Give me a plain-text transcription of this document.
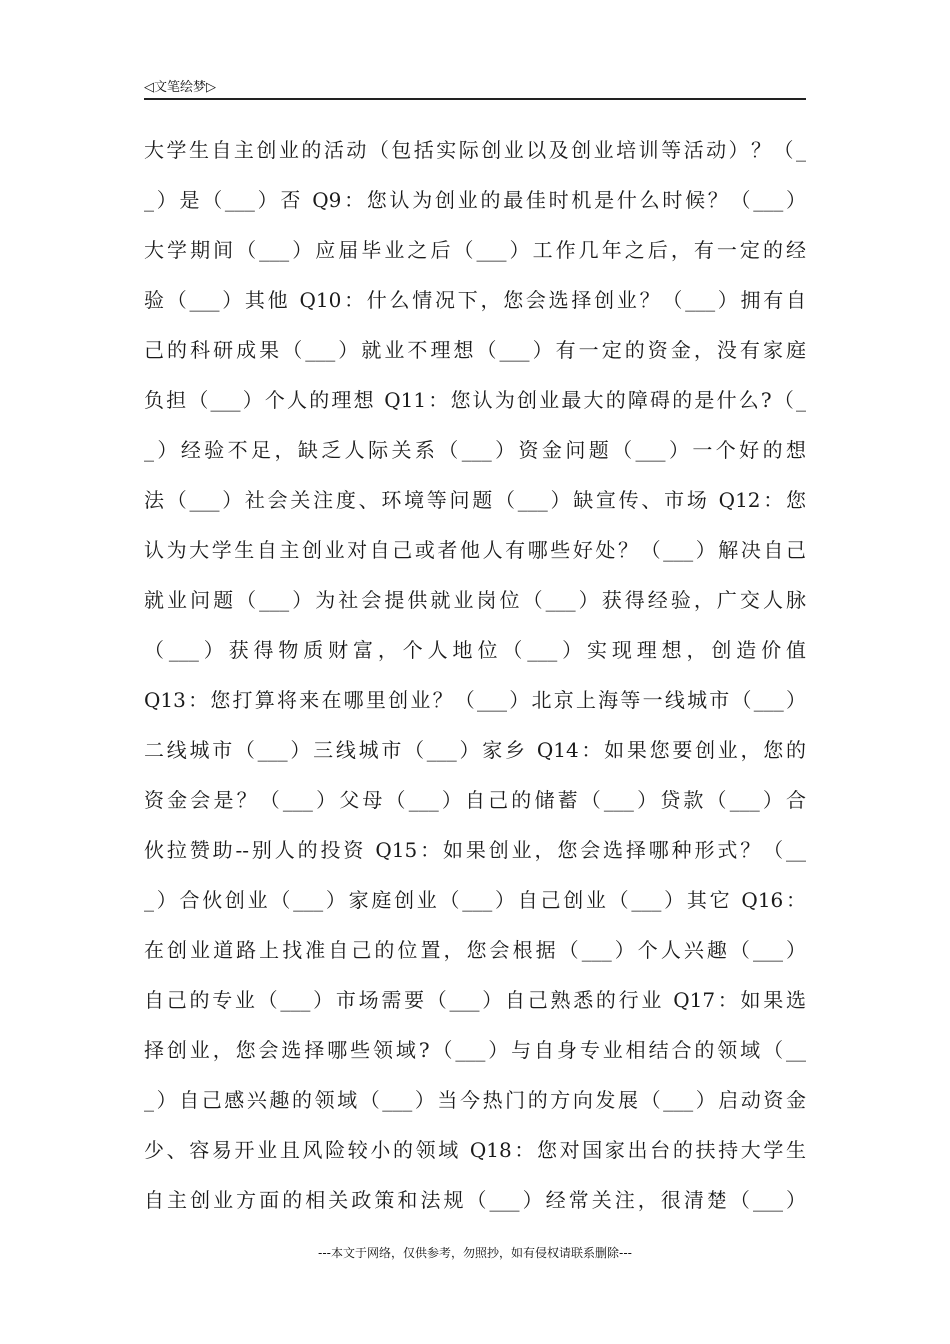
◁文笔绘梦▷
大学生自主创业的活动（包括实际创业以及创业培训等活动）？（_
_）是（___）否 Q9：您认为创业的最佳时机是什么时候？（___）
大学期间（___）应届毕业之后（___）工作几年之后，有一定的经
验（___）其他 Q10：什么情况下，您会选择创业？（___）拥有自
己的科研成果（___）就业不理想（___）有一定的资金，没有家庭
负担（___）个人的理想 Q11：您认为创业最大的障碍的是什么?（_
_）经验不足，缺乏人际关系（___）资金问题（___）一个好的想
法（___）社会关注度、环境等问题（___）缺宣传、市场 Q12：您
认为大学生自主创业对自己或者他人有哪些好处？（___）解决自己
就业问题（___）为社会提供就业岗位（___）获得经验，广交人脉
（___）获得物质财富，个人地位（___）实现理想，创造价值
Q13：您打算将来在哪里创业？（___）北京上海等一线城市（___）
二线城市（___）三线城市（___）家乡 Q14：如果您要创业，您的
资金会是？（___）父母（___）自己的储蓄（___）贷款（___）合
伙拉赞助--别人的投资 Q15：如果创业，您会选择哪种形式？（__
_）合伙创业（___）家庭创业（___）自己创业（___）其它 Q16：
在创业道路上找准自己的位置，您会根据（___）个人兴趣（___）
自己的专业（___）市场需要（___）自己熟悉的行业 Q17：如果选
择创业，您会选择哪些领域?（___）与自身专业相结合的领域（__
_）自己感兴趣的领域（___）当今热门的方向发展（___）启动资金
少、容易开业且风险较小的领域 Q18：您对国家出台的扶持大学生
自主创业方面的相关政策和法规（___）经常关注，很清楚（___）
---本文于网络，仅供参考，勿照抄，如有侵权请联系删除---
